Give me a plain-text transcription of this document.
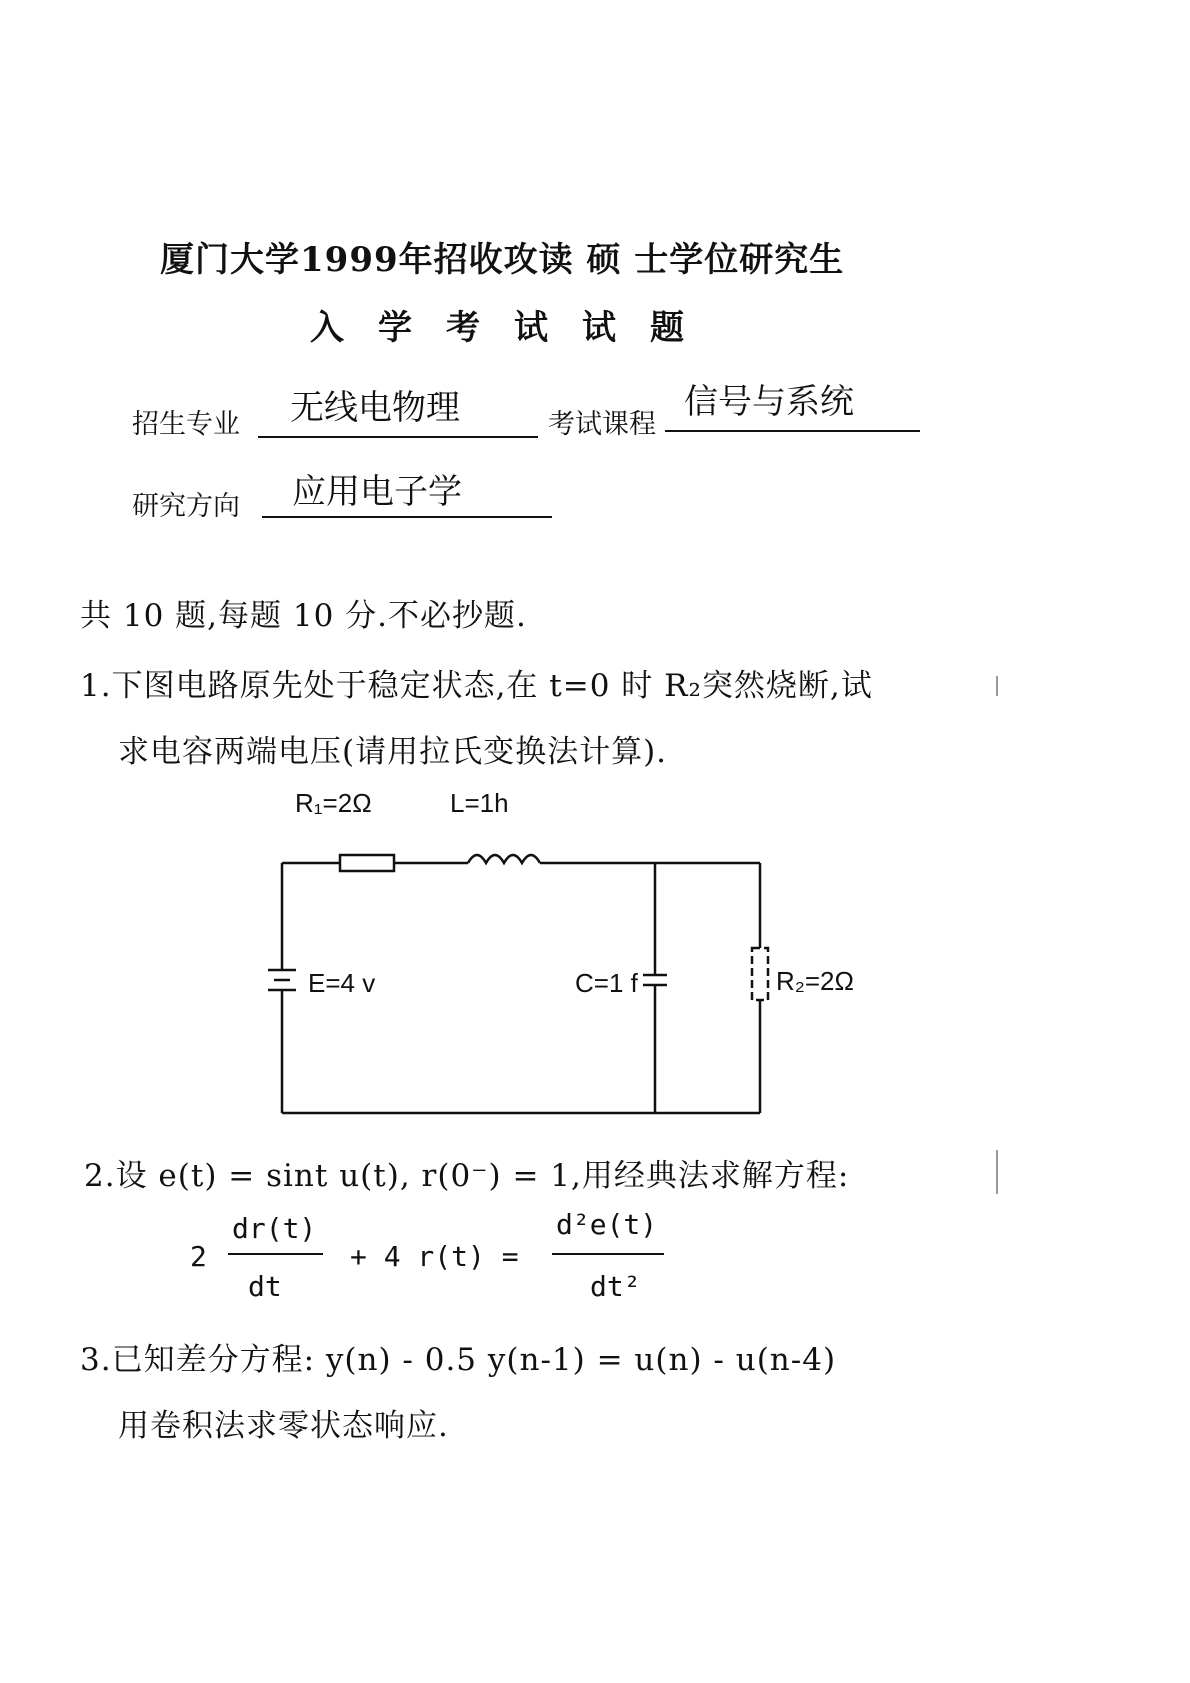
厦门大学1999年招收攻读 硕 士学位研究生
入学考试试题
招生专业 无线电物理	考试课程
信号与系统
研究方向 应用电子学
共 10 题,每题 10 分.不必抄题.
1.下图电路原先处于稳定状态,在 t=0 时 R₂突然烧断,试
求电容两端电压(请用拉氏变换法计算).
R₁=2Ω	L=1h
E=4 v	C=1 f	R₂=2Ω
2.设 e(t) = sint u(t), r(0⁻) = 1,用经典法求解方程:
2
dr(t)
dt
+ 4 r(t) =
d²e(t)
dt²
3.已知差分方程: y(n) - 0.5 y(n-1) = u(n) - u(n-4)
用卷积法求零状态响应.
